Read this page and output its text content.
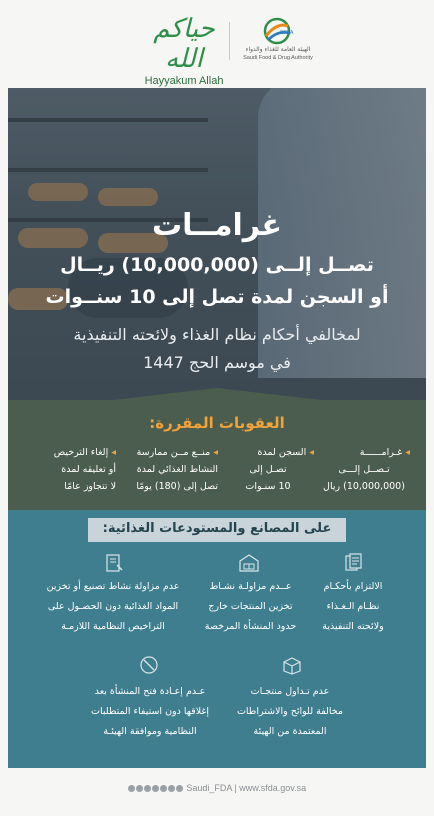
حياكم الله
Hayyakum Allah
SFDA
الهيئة العامة للغذاء والدواء
Saudi Food & Drug Authority
غرامــات
تصــل إلــى (10,000,000) ريــال
أو السجن لمدة تصل إلى 10 سنــوات
لمخالفي أحكام نظام الغذاء ولائحته التنفيذية
في موسم الحج 1447
العقوبات المقررة:
◂غـرامــــــة
تـصــل إلـــى
(10,000,000) ريال
◂السجن لمدة
تصـل إلى
10 سنـوات
◂منــع مــن ممارسة
النشاط الغذائي لمدة
تصل إلى (180) يومًا
◂إلغاء الترخيص
أو تعليقه لمدة
لا تتجاوز عامًا
على المصانع والمستودعات الغذائية:
الالتزام بأحكـام
نظـام الـغـذاء
ولائحته التنفيذية
عــدم مزاولـة نشـاط
تخزين المنتجات خارج
حدود المنشأة المرخصة
عدم مزاولة نشاط تصنيع أو تخزين
المواد الغذائية دون الحصـول على
التراخيص النظامية اللازمـة
عدم تـداول منتجـات
مخالفة للوائح والاشتراطات
المعتمدة من الهيئة
عـدم إعـادة فتح المنشأة بعد
إغلاقها دون استيفاء المتطلبات
النظامية وموافقة الهيئـة
Saudi_FDA | www.sfda.gov.sa
